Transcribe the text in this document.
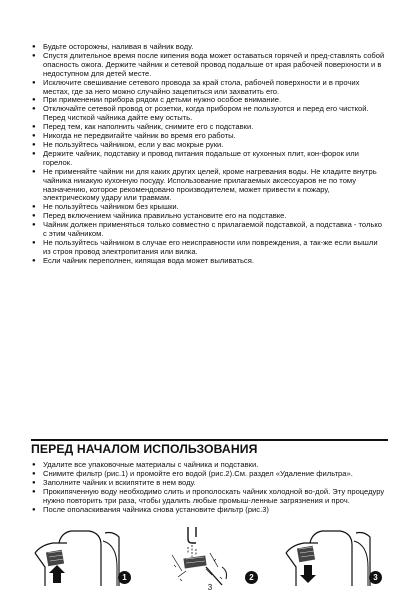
● Будьте осторожны, наливая в чайник воду.
● Спустя длительное время после кипения вода может оставаться горячей и пред-ставлять собой опасность ожога. Держите чайник и сетевой провод подальше от края рабочей поверхности и в недоступном для детей месте.
● Исключите свешивание сетевого провода за край стола, рабочей поверхности и в прочих местах, где за него можно случайно зацепиться или захватить его.
● При применении прибора рядом с детьми нужно особое внимание.
● Отключайте сетевой провод от розетки, когда прибором не пользуются и перед его чисткой. Перед чисткой чайника дайте ему остыть.
● Перед тем, как наполнить чайник, снимите его с подставки.
● Никогда не передвигайте чайник во время его работы.
● Не пользуйтесь чайником, если у вас мокрые руки.
● Держите чайник, подставку и провод питания подальше от кухонных плит, кон-форок или горелок.
● Не применяйте чайник ни для каких других целей, кроме нагревания воды. Не кладите внутрь чайника никакую кухонную посуду. Использование прилагаемых аксессуаров не по тому назначению, которое рекомендовано производителем, может привести к пожару, электрическому удару или травмам.
● Не пользуйтесь чайником без крышки.
● Перед включением чайника правильно установите его на подставке.
● Чайник должен применяться только совместно с прилагаемой подставкой, а подставка - только с этим чайником.
● Не пользуйтесь чайником в случае его неисправности или повреждения, а так-же если вышли из строя провод электропитания или вилка.
● Если чайник переполнен, кипящая вода может выливаться.
ПЕРЕД НАЧАЛОМ ИСПОЛЬЗОВАНИЯ
● Удалите все упаковочные материалы с чайника и подставки.
● Снимите фильтр (рис.1) и промойте его водой (рис.2).См. раздел «Удаление фильтра».
● Заполните чайник и вскипятите в нем воду.
● Прокипяченную воду необходимо слить и прополоскать чайник холодной во-дой. Эту процедуру нужно повторить три раза, чтобы удалить любые промыш-ленные загрязнения и проч.
● После ополаскивания чайника снова установите фильтр (рис.3)
1	2	3
3
